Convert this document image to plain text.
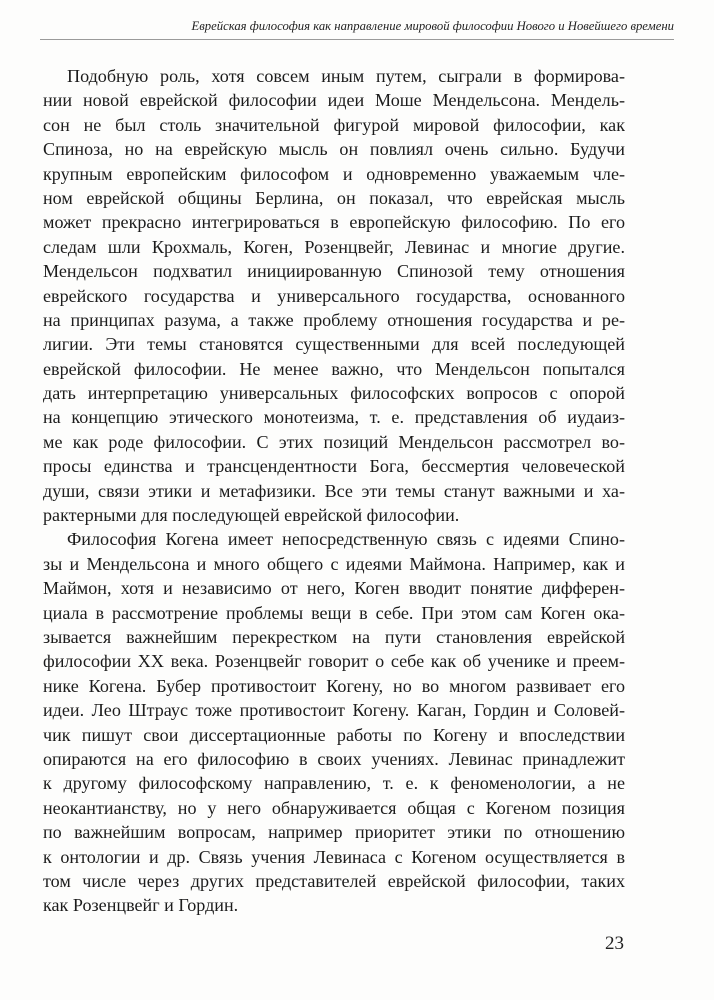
Еврейская философия как направление мировой философии Нового и Новейшего времени
Подобную роль, хотя совсем иным путем, сыграли в формирова-
нии новой еврейской философии идеи Моше Мендельсона. Мендель-
сон не был столь значительной фигурой мировой философии, как
Спиноза, но на еврейскую мысль он повлиял очень сильно. Будучи
крупным европейским философом и одновременно уважаемым чле-
ном еврейской общины Берлина, он показал, что еврейская мысль
может прекрасно интегрироваться в европейскую философию. По его
следам шли Крохмаль, Коген, Розенцвейг, Левинас и многие другие.
Мендельсон подхватил инициированную Спинозой тему отношения
еврейского государства и универсального государства, основанного
на принципах разума, а также проблему отношения государства и ре-
лигии. Эти темы становятся существенными для всей последующей
еврейской философии. Не менее важно, что Мендельсон попытался
дать интерпретацию универсальных философских вопросов с опорой
на концепцию этического монотеизма, т. е. представления об иудаиз-
ме как роде философии. С этих позиций Мендельсон рассмотрел во-
просы единства и трансцендентности Бога, бессмертия человеческой
души, связи этики и метафизики. Все эти темы станут важными и ха-
рактерными для последующей еврейской философии.
Философия Когена имеет непосредственную связь с идеями Спино-
зы и Мендельсона и много общего с идеями Маймона. Например, как и
Маймон, хотя и независимо от него, Коген вводит понятие дифферен-
циала в рассмотрение проблемы вещи в себе. При этом сам Коген ока-
зывается важнейшим перекрестком на пути становления еврейской
философии XX века. Розенцвейг говорит о себе как об ученике и преем-
нике Когена. Бубер противостоит Когену, но во многом развивает его
идеи. Лео Штраус тоже противостоит Когену. Каган, Гордин и Соловей-
чик пишут свои диссертационные работы по Когену и впоследствии
опираются на его философию в своих учениях. Левинас принадлежит
к другому философскому направлению, т. е. к феноменологии, а не
неокантианству, но у него обнаруживается общая с Когеном позиция
по важнейшим вопросам, например приоритет этики по отношению
к онтологии и др. Связь учения Левинаса с Когеном осуществляется в
том числе через других представителей еврейской философии, таких
как Розенцвейг и Гордин.
23
